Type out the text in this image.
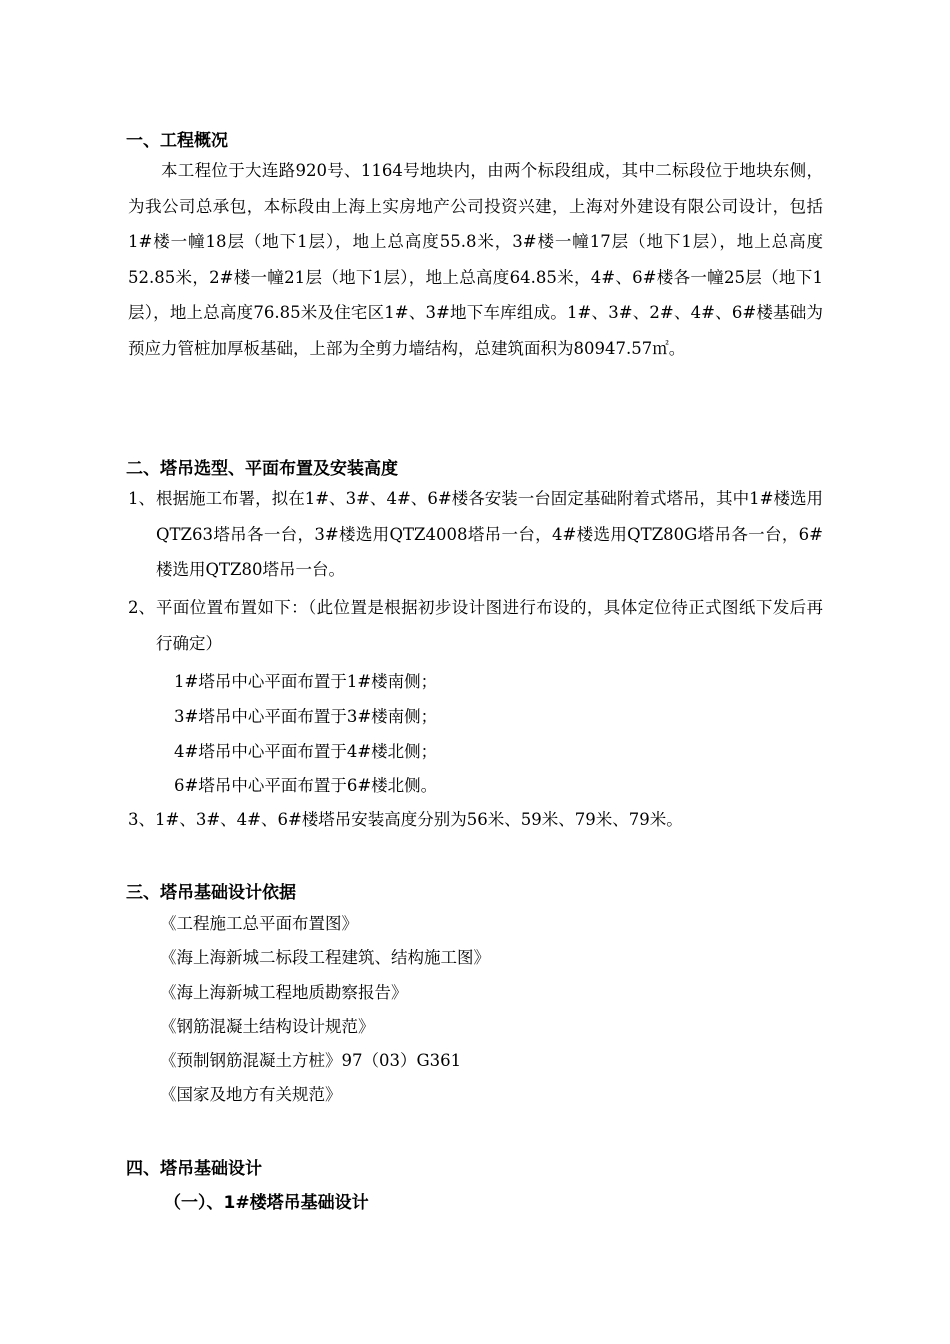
一、工程概况

本工程位于大连路920号、1164号地块内，由两个标段组成，其中二标段位于地块东侧，为我公司总承包，本标段由上海上实房地产公司投资兴建，上海对外建设有限公司设计，包括1#楼一幢18层（地下1层），地上总高度55.8米，3#楼一幢17层（地下1层），地上总高度52.85米，2#楼一幢21层（地下1层），地上总高度64.85米，4#、6#楼各一幢25层（地下1层），地上总高度76.85米及住宅区1#、3#地下车库组成。1#、3#、2#、4#、6#楼基础为预应力管桩加厚板基础，上部为全剪力墙结构，总建筑面积为80947.57㎡。

二、塔吊选型、平面布置及安装高度
1、 根据施工布署，拟在1#、3#、4#、6#楼各安装一台固定基础附着式塔吊，其中1#楼选用QTZ63塔吊各一台，3#楼选用QTZ4008塔吊一台，4#楼选用QTZ80G塔吊各一台，6#楼选用QTZ80塔吊一台。
2、 平面位置布置如下：（此位置是根据初步设计图进行布设的，具体定位待正式图纸下发后再行确定）
1#塔吊中心平面布置于1#楼南侧；
3#塔吊中心平面布置于3#楼南侧；
4#塔吊中心平面布置于4#楼北侧；
6#塔吊中心平面布置于6#楼北侧。
3、1#、3#、4#、6#楼塔吊安装高度分别为56米、59米、79米、79米。
三、塔吊基础设计依据
《工程施工总平面布置图》
《海上海新城二标段工程建筑、结构施工图》
《海上海新城工程地质勘察报告》
《钢筋混凝土结构设计规范》
《预制钢筋混凝土方桩》97（03）G361
《国家及地方有关规范》
四、塔吊基础设计
（一）、1#楼塔吊基础设计
